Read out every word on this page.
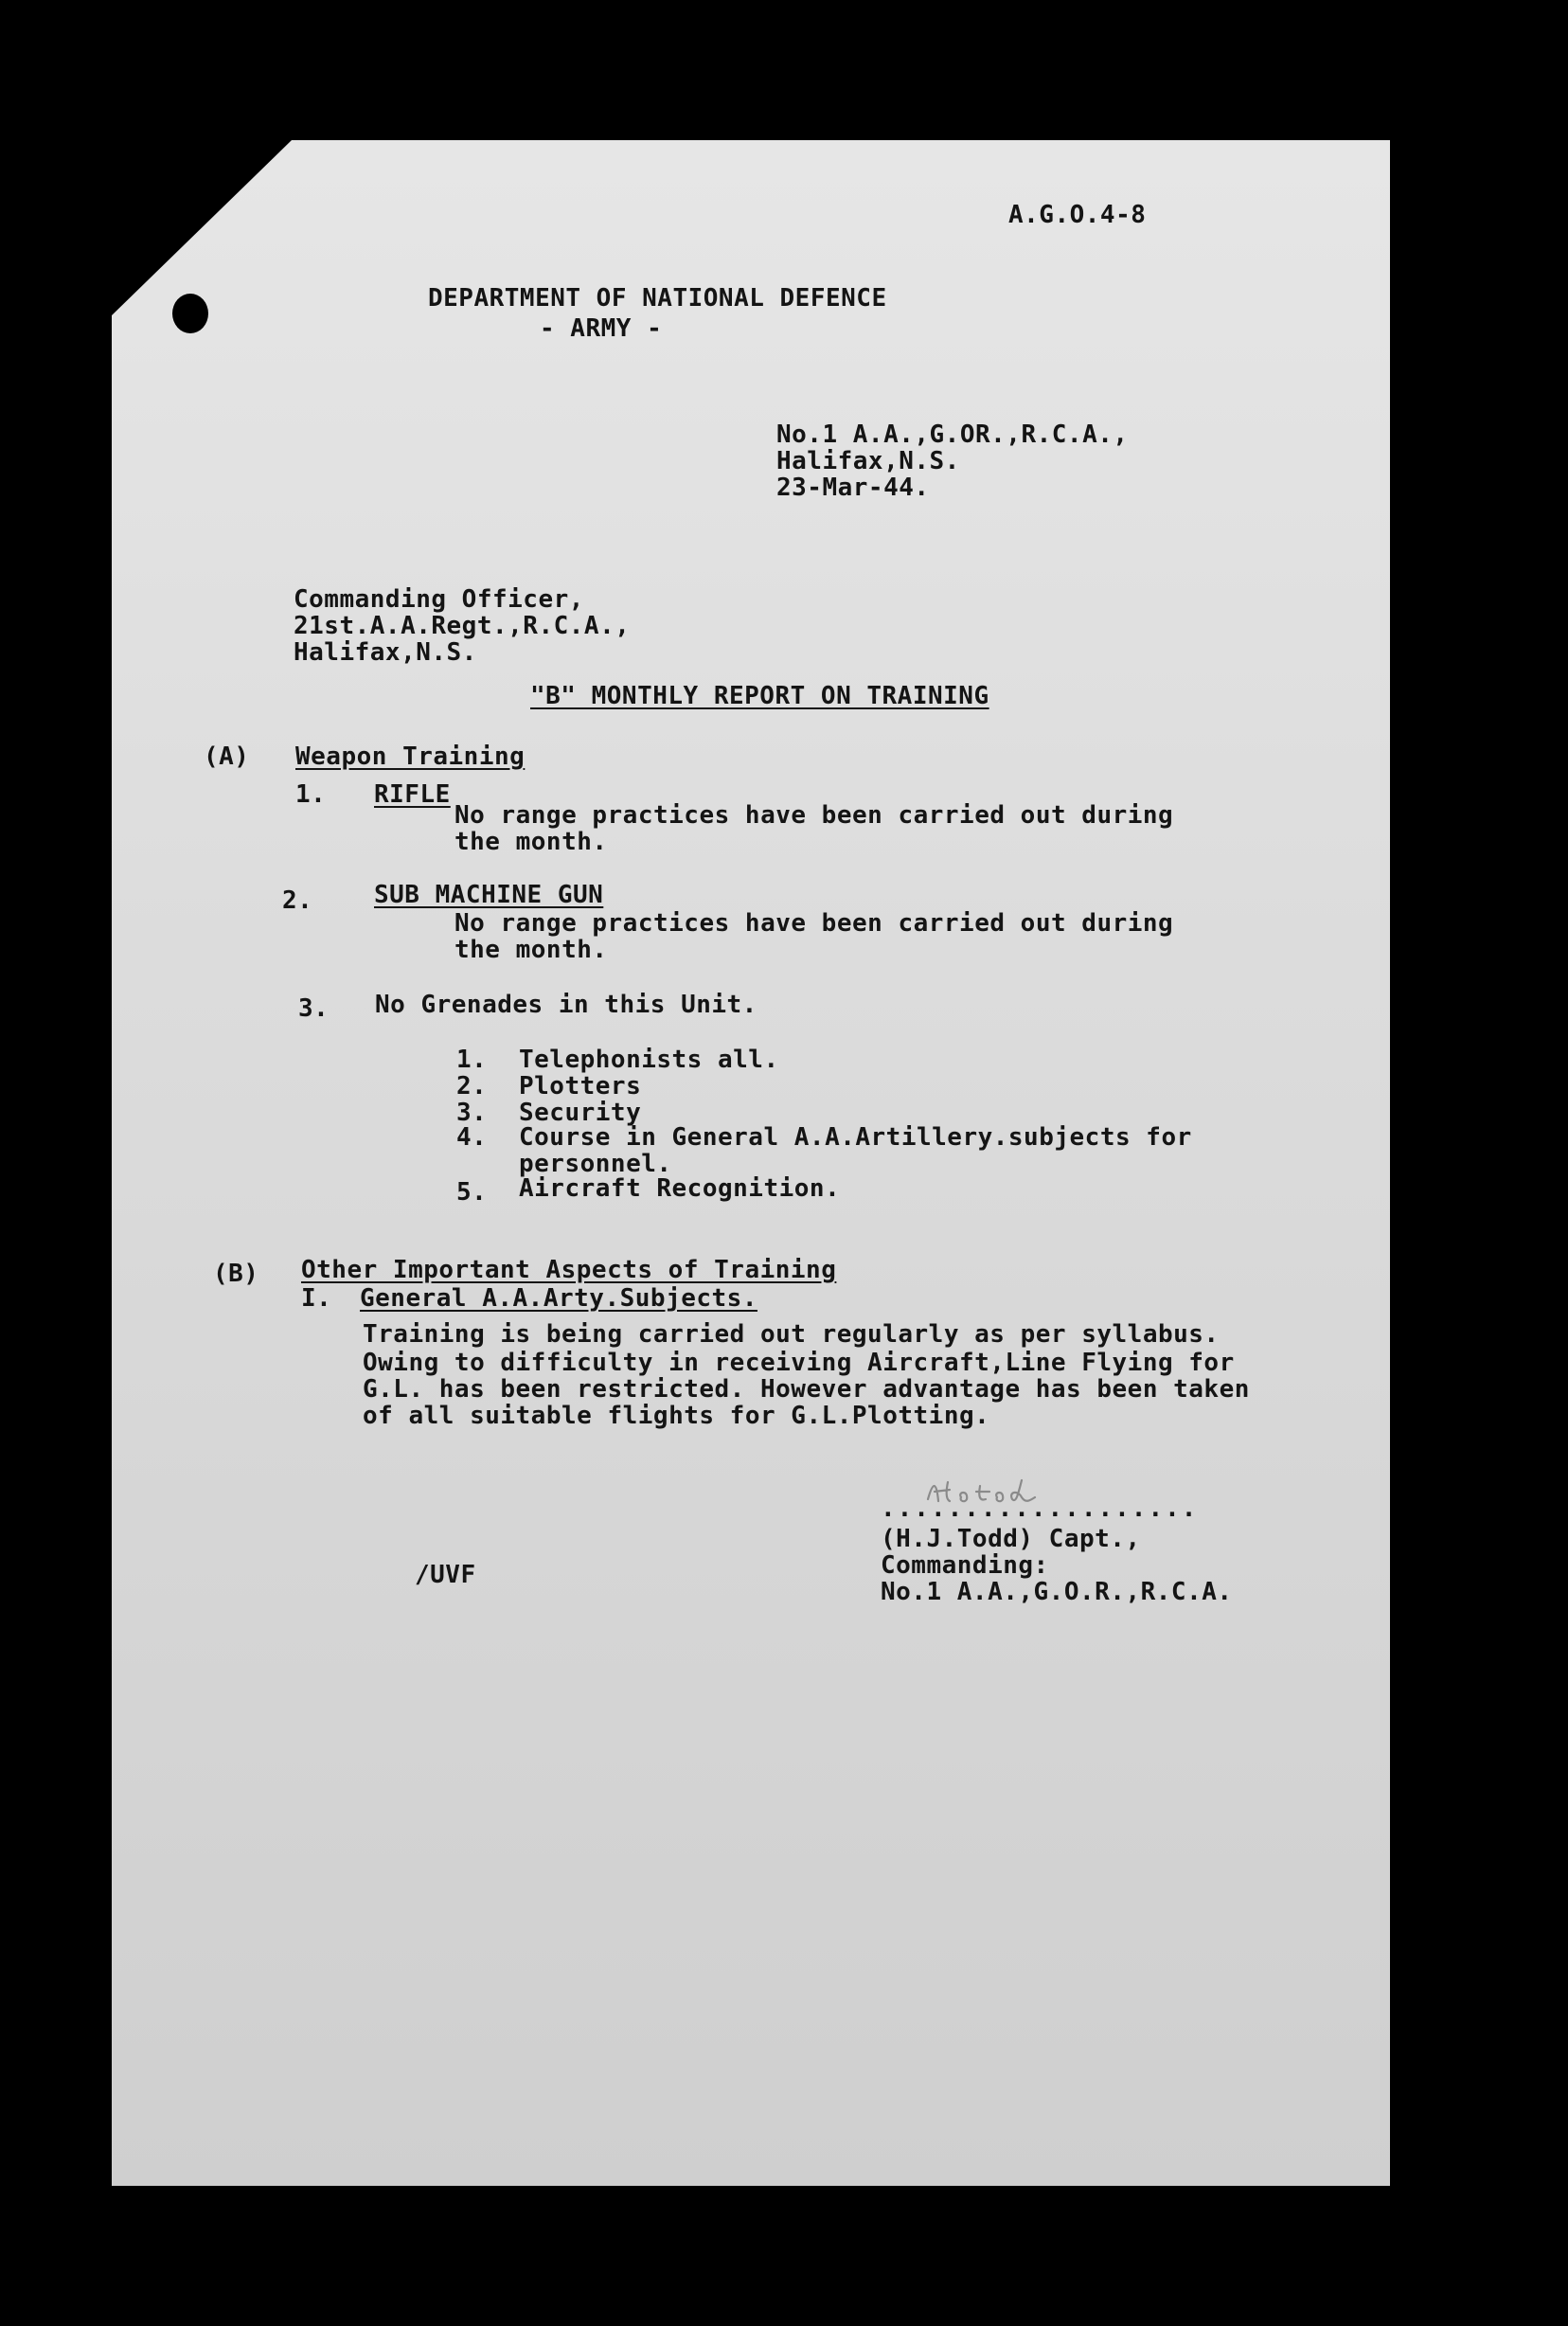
A.G.O.4-8
DEPARTMENT OF NATIONAL DEFENCE
- ARMY -
No.1 A.A.,G.OR.,R.C.A.,
Halifax,N.S.
23-Mar-44.
Commanding Officer,
21st.A.A.Regt.,R.C.A.,
Halifax,N.S.
"B" MONTHLY REPORT ON TRAINING
(A) Weapon Training
1. RIFLE
No range practices have been carried out during
the month.
2. SUB MACHINE GUN
No range practices have been carried out during
the month.
3. No Grenades in this Unit.
1. Telephonists all.
2. Plotters
3. Security
4. Course in General A.A.Artillery.subjects for
personnel.
5. Aircraft Recognition.
(B) Other Important Aspects of Training
I. General A.A.Arty.Subjects.
Training is being carried out regularly as per syllabus.
Owing to difficulty in receiving Aircraft,Line Flying for
G.L. has been restricted. However advantage has been taken
of all suitable flights for G.L.Plotting.
...................
(H.J.Todd) Capt.,
Commanding:
No.1 A.A.,G.O.R.,R.C.A.
/UVF
